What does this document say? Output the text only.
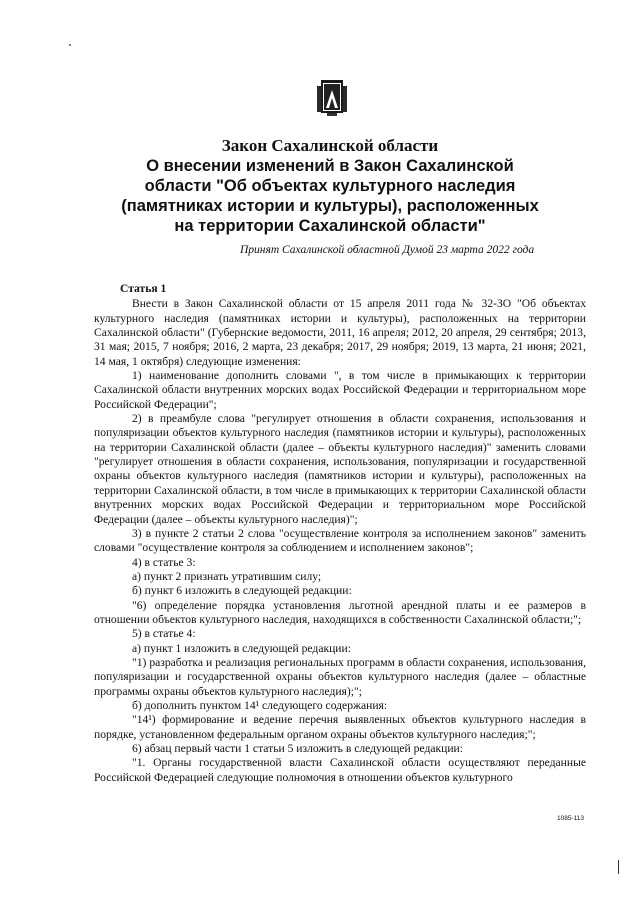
Закон Сахалинской области

О внесении изменений в Закон Сахалинской

области "Об объектах культурного наследия

(памятниках истории и культуры), расположенных

на территории Сахалинской области"

Принят Сахалинской областной Думой 23 марта 2022 года

Статья 1

Внести в Закон Сахалинской области от 15 апреля 2011 года № 32-ЗО "Об объектах культурного наследия (памятниках истории и культуры), расположенных на территории Сахалинской области" (Губернские ведомости, 2011, 16 апреля; 2012, 20 апреля, 29 сентября; 2013, 31 мая; 2015, 7 ноября; 2016, 2 марта, 23 декабря; 2017, 29 ноября; 2019, 13 марта, 21 июня; 2021, 14 мая, 1 октября) следующие изменения:

1) наименование дополнить словами ", в том числе в примыкающих к территории Сахалинской области внутренних морских водах Российской Федерации и территориальном море Российской Федерации";

2) в преамбуле слова "регулирует отношения в области сохранения, использования и популяризации объектов культурного наследия (памятников истории и культуры), расположенных на территории Сахалинской области (далее – объекты культурного наследия)" заменить словами "регулирует отношения в области сохранения, использования, популяризации и государственной охраны объектов культурного наследия (памятников истории и культуры), расположенных на территории Сахалинской области, в том числе в примыкающих к территории Сахалинской области внутренних морских водах Российской Федерации и территориальном море Российской Федерации (далее – объекты культурного наследия)";

3) в пункте 2 статьи 2 слова "осуществление контроля за исполнением законов" заменить словами "осуществление контроля за соблюдением и исполнением законов";

4) в статье 3:

а) пункт 2 признать утратившим силу;

б) пункт 6 изложить в следующей редакции:

"6) определение порядка установления льготной арендной платы и ее размеров в отношении объектов культурного наследия, находящихся в собственности Сахалинской области;";

5) в статье 4:

а) пункт 1 изложить в следующей редакции:

"1) разработка и реализация региональных программ в области сохранения, использования, популяризации и государственной охраны объектов культурного наследия (далее – областные программы охраны объектов культурного наследия);";

б) дополнить пунктом 14¹ следующего содержания:

"14¹) формирование и ведение перечня выявленных объектов культурного наследия в порядке, установленном федеральным органом охраны объектов культурного наследия;";

6) абзац первый части 1 статьи 5 изложить в следующей редакции:

"1. Органы государственной власти Сахалинской области осуществляют переданные Российской Федерацией следующие полномочия в отношении объектов культурного

1085-113
